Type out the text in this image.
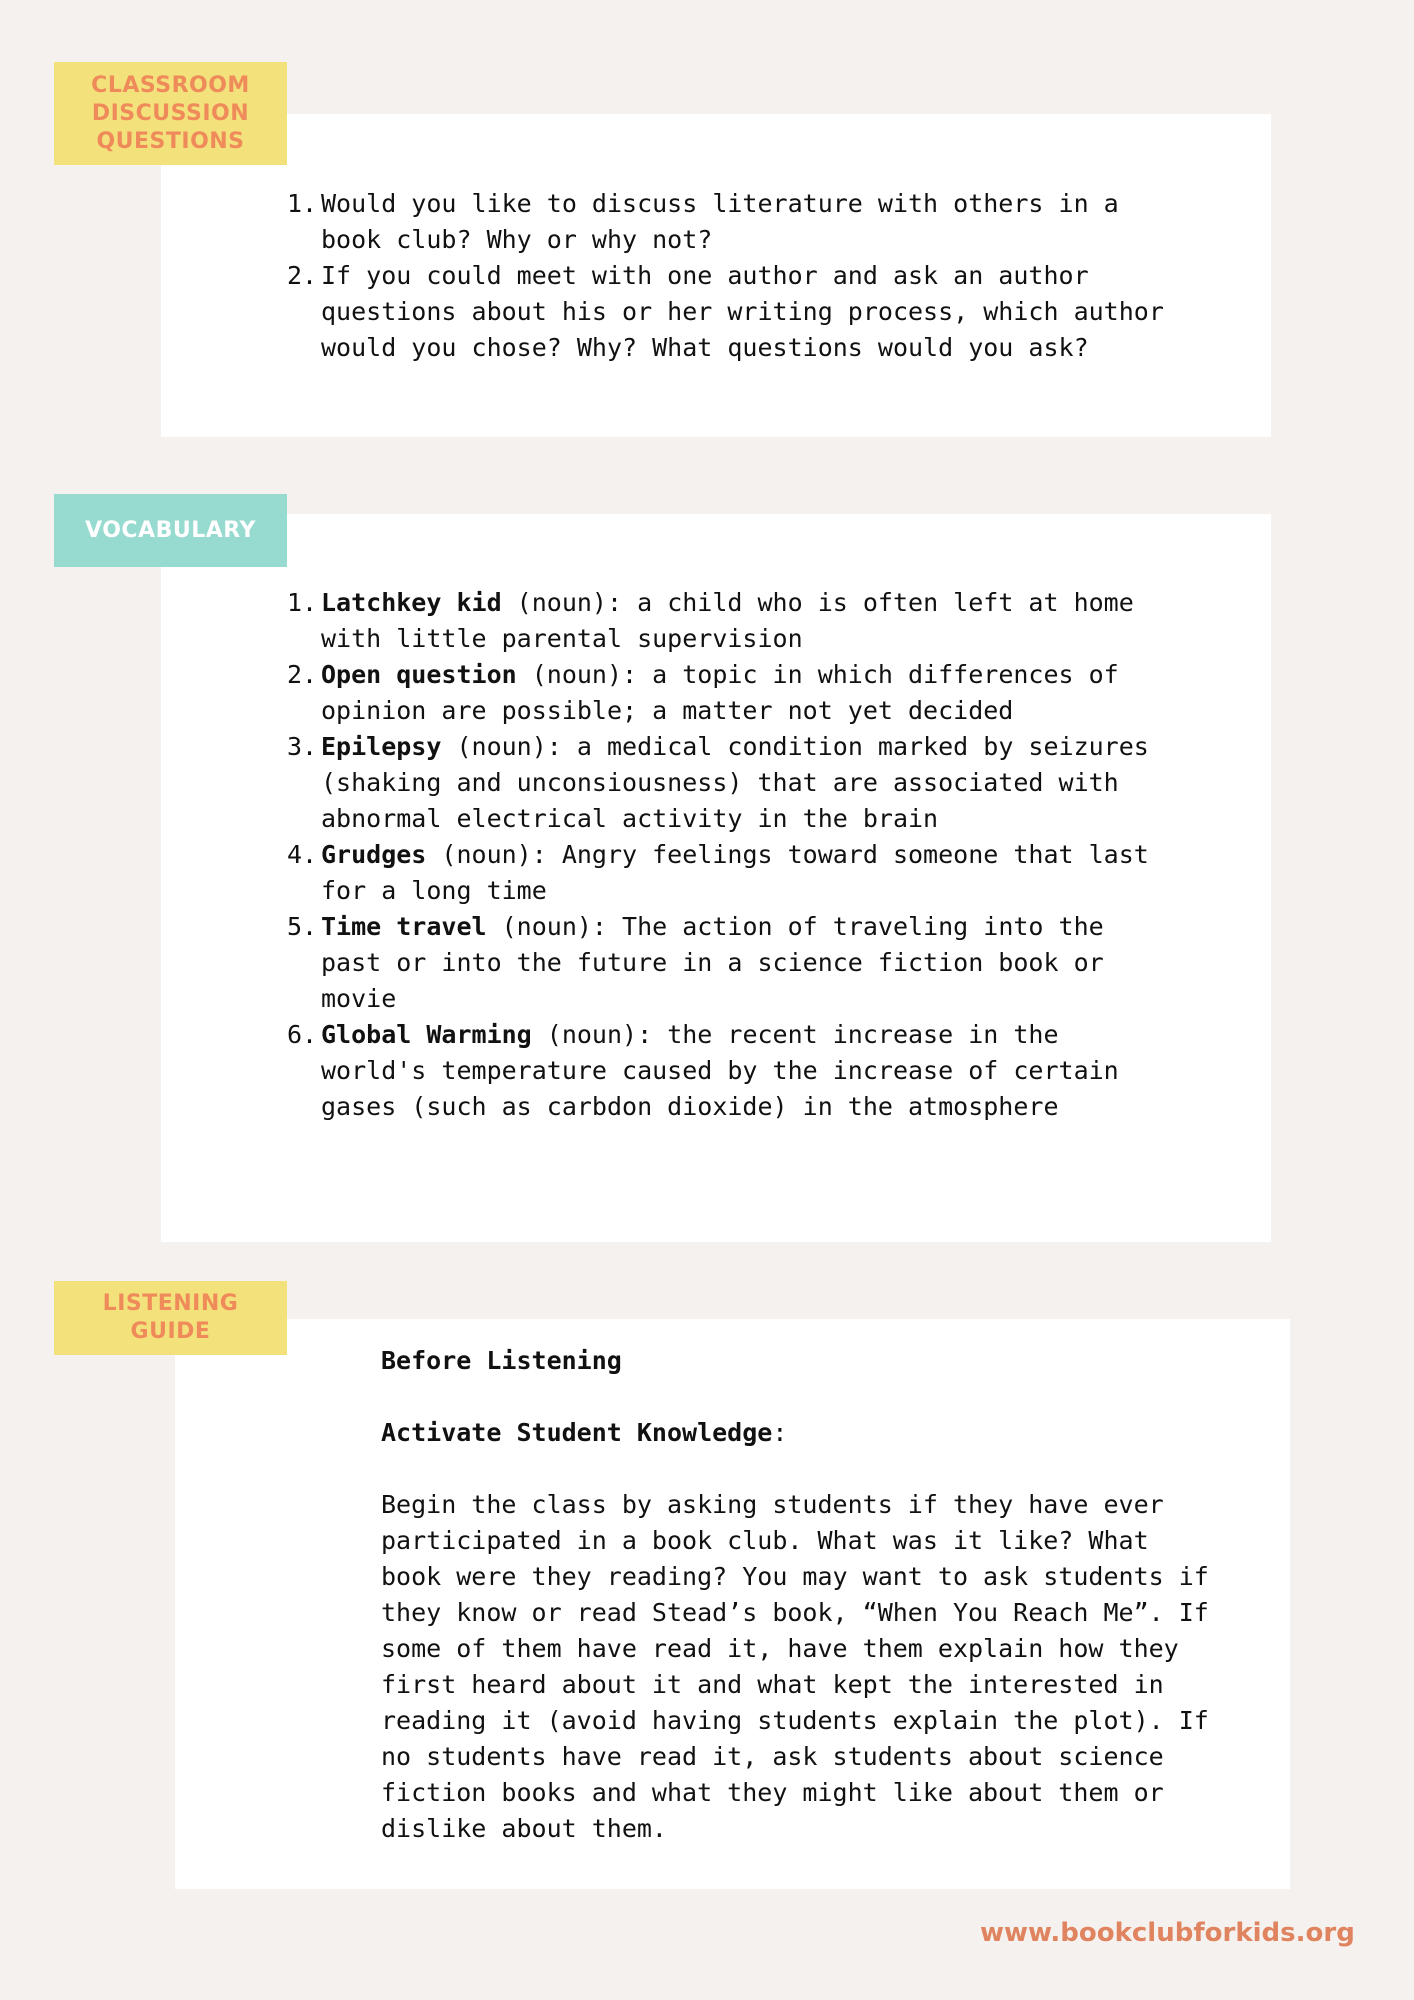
CLASSROOM
DISCUSSION
QUESTIONS
1. Would you like to discuss literature with others in a book club? Why or why not?
2. If you could meet with one author and ask an author questions about his or her writing process, which author would you chose? Why? What questions would you ask?
VOCABULARY
1. Latchkey kid (noun): a child who is often left at home with little parental supervision
2. Open question (noun): a topic in which differences of opinion are possible; a matter not yet decided
3. Epilepsy (noun): a medical condition marked by seizures (shaking and unconsiousness) that are associated with abnormal electrical activity in the brain
4. Grudges (noun): Angry feelings toward someone that last for a long time
5. Time travel (noun): The action of traveling into the past or into the future in a science fiction book or movie
6. Global Warming (noun): the recent increase in the world's temperature caused by the increase of certain gases (such as carbdon dioxide) in the atmosphere
LISTENING
GUIDE

Before Listening

Activate Student Knowledge:

Begin the class by asking students if they have ever participated in a book club. What was it like? What book were they reading? You may want to ask students if they know or read Stead’s book, “When You Reach Me”. If some of them have read it, have them explain how they first heard about it and what kept the interested in reading it (avoid having students explain the plot). If no students have read it, ask students about science fiction books and what they might like about them or dislike about them.

www.bookclubforkids.org
